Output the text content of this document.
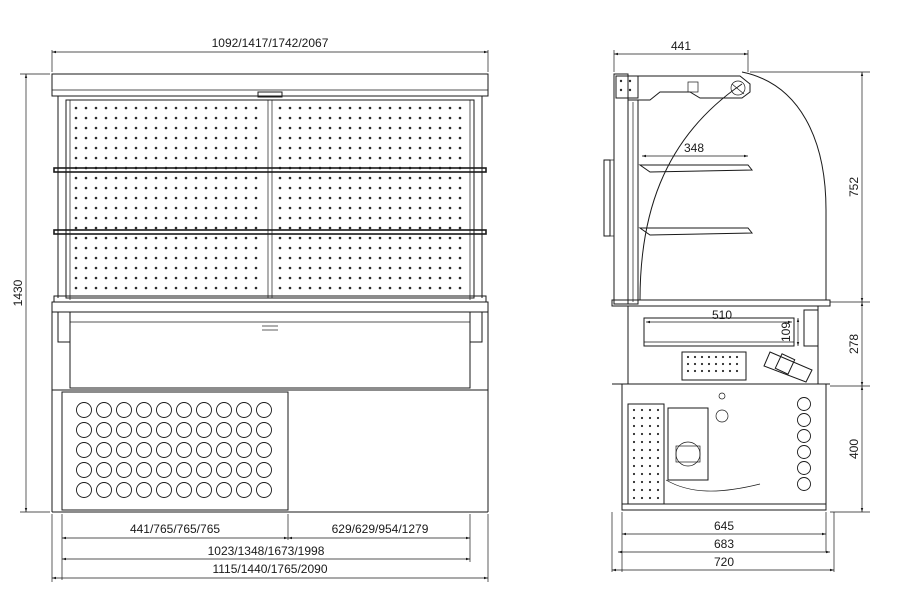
1092/1417/1742/2067
1430
441/765/765/765	629/629/954/1279
1023/1348/1673/1998
1115/1440/1765/2090
348
510
109
441
752
278
400
645
683
720
